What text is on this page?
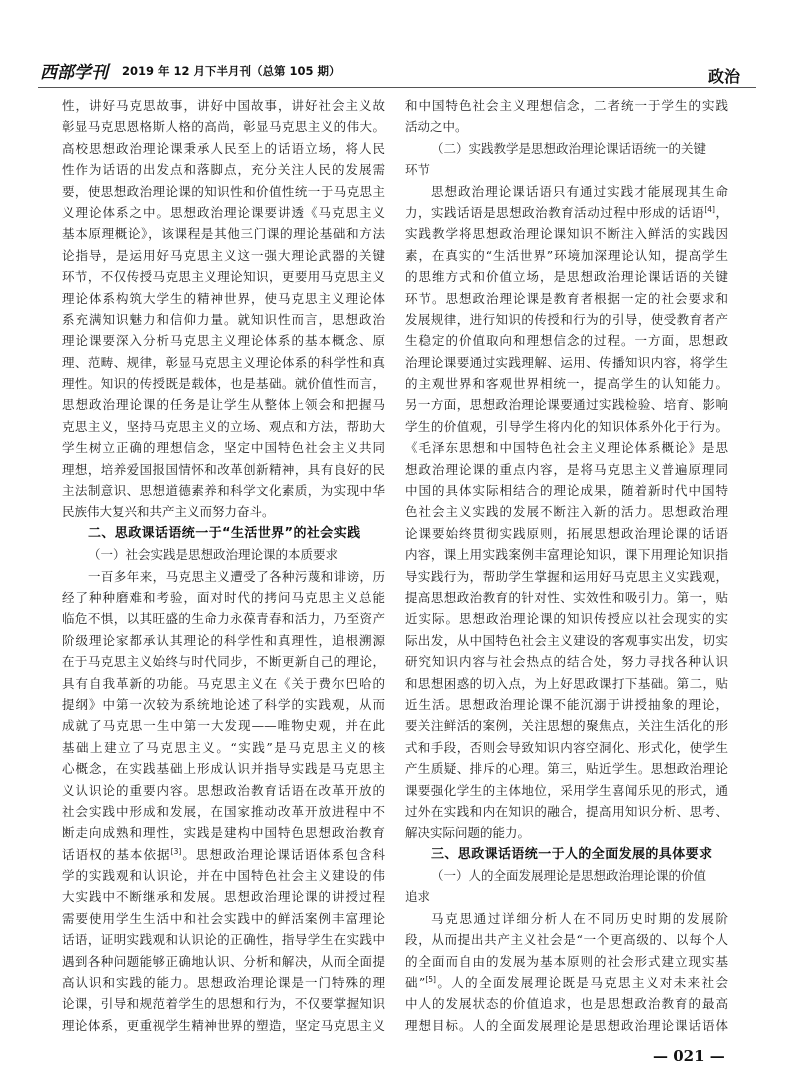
西部学刊 2019 年 12 月下半月刊（总第 105 期）	政治
性，讲好马克思故事，讲好中国故事，讲好社会主义故
彰显马克思恩格斯人格的高尚，彰显马克思主义的伟大。
高校思想政治理论课秉承人民至上的话语立场，将人民
性作为话语的出发点和落脚点，充分关注人民的发展需
要，使思想政治理论课的知识性和价值性统一于马克思主
义理论体系之中。思想政治理论课要讲透《马克思主义
基本原理概论》，该课程是其他三门课的理论基础和方法
论指导，是运用好马克思主义这一强大理论武器的关键
环节，不仅传授马克思主义理论知识，更要用马克思主义
理论体系构筑大学生的精神世界，使马克思主义理论体
系充满知识魅力和信仰力量。就知识性而言，思想政治
理论课要深入分析马克思主义理论体系的基本概念、原
理、范畴、规律，彰显马克思主义理论体系的科学性和真
理性。知识的传授既是载体，也是基础。就价值性而言，
思想政治理论课的任务是让学生从整体上领会和把握马
克思主义，坚持马克思主义的立场、观点和方法，帮助大
学生树立正确的理想信念，坚定中国特色社会主义共同
理想，培养爱国报国情怀和改革创新精神，具有良好的民
主法制意识、思想道德素养和科学文化素质，为实现中华
民族伟大复兴和共产主义而努力奋斗。
二、思政课话语统一于“生活世界”的社会实践
（一）社会实践是思想政治理论课的本质要求
一百多年来，马克思主义遭受了各种污蔑和诽谤，历
经了种种磨难和考验，面对时代的拷问马克思主义总能
临危不惧，以其旺盛的生命力永葆青春和活力，乃至资产
阶级理论家都承认其理论的科学性和真理性，追根溯源
在于马克思主义始终与时代同步，不断更新自己的理论，
具有自我革新的功能。马克思主义在《关于费尔巴哈的
提纲》中第一次较为系统地论述了科学的实践观，从而
成就了马克思一生中第一大发现——唯物史观，并在此
基础上建立了马克思主义。“实践”是马克思主义的核
心概念，在实践基础上形成认识并指导实践是马克思主
义认识论的重要内容。思想政治教育话语在改革开放的
社会实践中形成和发展，在国家推动改革开放进程中不
断走向成熟和理性，实践是建构中国特色思想政治教育
话语权的基本依据[3]。思想政治理论课话语体系包含科
学的实践观和认识论，并在中国特色社会主义建设的伟
大实践中不断继承和发展。思想政治理论课的讲授过程
需要使用学生生活中和社会实践中的鲜活案例丰富理论
话语，证明实践观和认识论的正确性，指导学生在实践中
遇到各种问题能够正确地认识、分析和解决，从而全面提
高认识和实践的能力。思想政治理论课是一门特殊的理
论课，引导和规范着学生的思想和行为，不仅要掌握知识
理论体系，更重视学生精神世界的塑造，坚定马克思主义
和中国特色社会主义理想信念，二者统一于学生的实践
活动之中。
（二）实践教学是思想政治理论课话语统一的关键
环节
思想政治理论课话语只有通过实践才能展现其生命
力，实践话语是思想政治教育活动过程中形成的话语[4]，
实践教学将思想政治理论课知识不断注入鲜活的实践因
素，在真实的“生活世界”环境加深理论认知，提高学生
的思维方式和价值立场，是思想政治理论课话语的关键
环节。思想政治理论课是教育者根据一定的社会要求和
发展规律，进行知识的传授和行为的引导，使受教育者产
生稳定的价值取向和理想信念的过程。一方面，思想政
治理论课要通过实践理解、运用、传播知识内容，将学生
的主观世界和客观世界相统一，提高学生的认知能力。
另一方面，思想政治理论课要通过实践检验、培育、影响
学生的价值观，引导学生将内化的知识体系外化于行为。
《毛泽东思想和中国特色社会主义理论体系概论》是思
想政治理论课的重点内容，是将马克思主义普遍原理同
中国的具体实际相结合的理论成果，随着新时代中国特
色社会主义实践的发展不断注入新的活力。思想政治理
论课要始终贯彻实践原则，拓展思想政治理论课的话语
内容，课上用实践案例丰富理论知识，课下用理论知识指
导实践行为，帮助学生掌握和运用好马克思主义实践观，
提高思想政治教育的针对性、实效性和吸引力。第一，贴
近实际。思想政治理论课的知识传授应以社会现实的实
际出发，从中国特色社会主义建设的客观事实出发，切实
研究知识内容与社会热点的结合处，努力寻找各种认识
和思想困惑的切入点，为上好思政课打下基础。第二，贴
近生活。思想政治理论课不能沉溺于讲授抽象的理论，
要关注鲜活的案例，关注思想的聚焦点，关注生活化的形
式和手段，否则会导致知识内容空洞化、形式化，使学生
产生质疑、排斥的心理。第三，贴近学生。思想政治理论
课要强化学生的主体地位，采用学生喜闻乐见的形式，通
过外在实践和内在知识的融合，提高用知识分析、思考、
解决实际问题的能力。
三、思政课话语统一于人的全面发展的具体要求
（一）人的全面发展理论是思想政治理论课的价值
追求
马克思通过详细分析人在不同历史时期的发展阶
段，从而提出共产主义社会是“一个更高级的、以每个人
的全面而自由的发展为基本原则的社会形式建立现实基
础”[5]。人的全面发展理论既是马克思主义对未来社会
中人的发展状态的价值追求，也是思想政治教育的最高
理想目标。人的全面发展理论是思想政治理论课话语体
— 021 —
